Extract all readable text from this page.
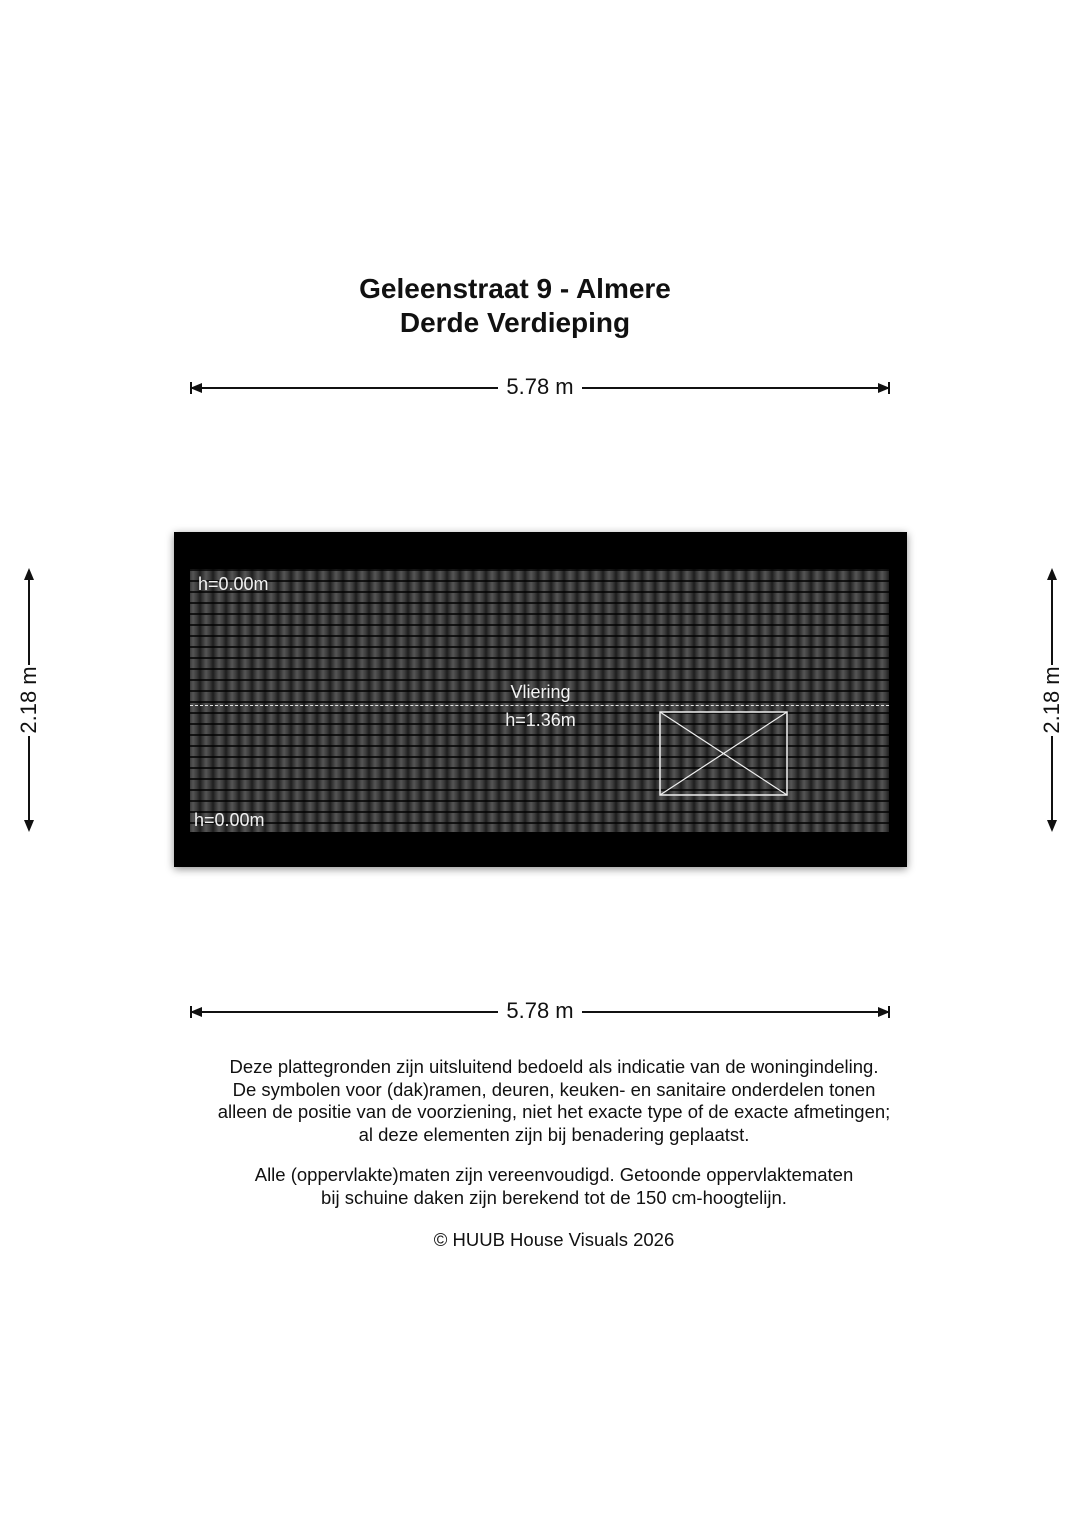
Geleenstraat 9 - Almere
Derde Verdieping
5.78 m
2.18 m	2.18 m
h=0.00m
Vliering
h=1.36m
h=0.00m
5.78 m
Deze plattegronden zijn uitsluitend bedoeld als indicatie van de woningindeling.
De symbolen voor (dak)ramen, deuren, keuken- en sanitaire onderdelen tonen
alleen de positie van de voorziening, niet het exacte type of de exacte afmetingen;
al deze elementen zijn bij benadering geplaatst.
Alle (oppervlakte)maten zijn vereenvoudigd. Getoonde oppervlaktematen
bij schuine daken zijn berekend tot de 150 cm-hoogtelijn.
© HUUB House Visuals 2026
